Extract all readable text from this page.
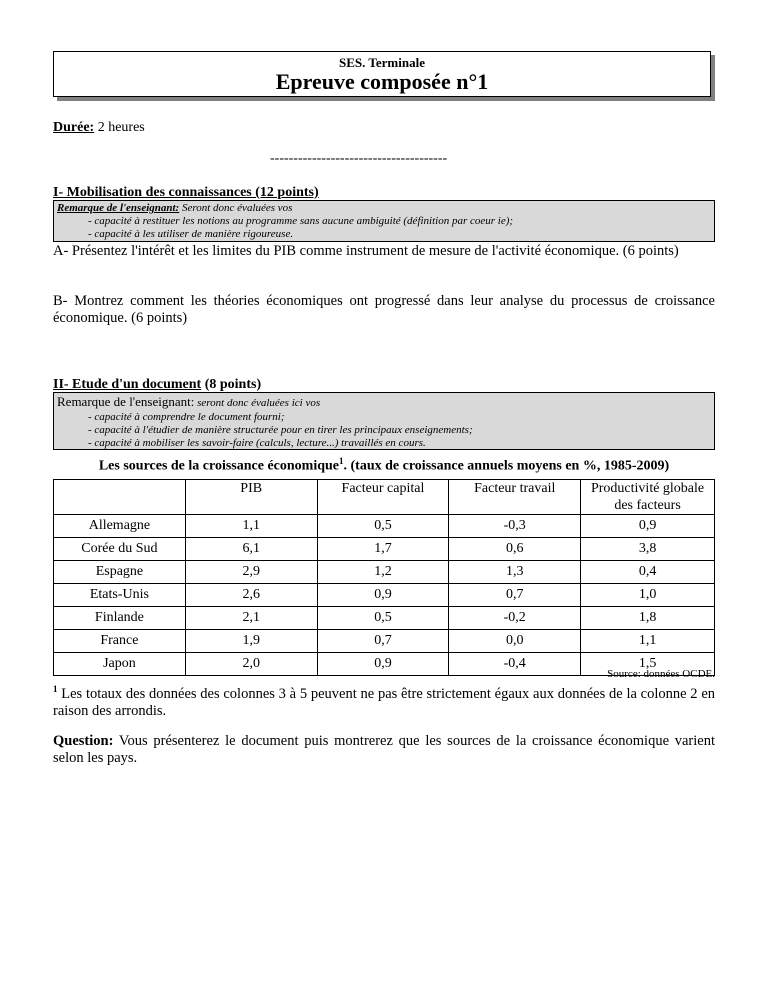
SES. Terminale
Epreuve composée n°1
Durée: 2 heures
--------------------------------------
I- Mobilisation des connaissances (12 points)
Remarque de l'enseignant: Seront donc évaluées vos
- capacité à restituer les notions au programme sans aucune ambiguité (définition par coeur ie);
- capacité à les utiliser de manière rigoureuse.
A- Présentez l'intérêt et les limites du PIB comme instrument de mesure de l'activité économique. (6 points)
B- Montrez comment les théories économiques ont progressé dans leur analyse du processus de croissance économique. (6 points)
II- Etude d'un document (8 points)
Remarque de l'enseignant: seront donc évaluées ici vos
- capacité à comprendre le document fourni;
- capacité à l'étudier de manière structurée pour en tirer les principaux enseignements;
- capacité à mobiliser les savoir-faire (calculs, lecture...) travaillés en cours.
Les sources de la croissance économique$^1$. (taux de croissance annuels moyens en %, 1985-2009)
	PIB	Facteur capital	Facteur travail	Productivité globale des facteurs
Allemagne	1,1	0,5	-0,3	0,9
Corée du Sud	6,1	1,7	0,6	3,8
Espagne	2,9	1,2	1,3	0,4
Etats-Unis	2,6	0,9	0,7	1,0
Finlande	2,1	0,5	-0,2	1,8
France	1,9	0,7	0,0	1,1
Japon	2,0	0,9	-0,4	1,5
Source: données OCDE.
$^1$ Les totaux des données des colonnes 3 à 5 peuvent ne pas être strictement égaux aux données de la colonne 2 en raison des arrondis.
Question: Vous présenterez le document puis montrerez que les sources de la croissance économique varient selon les pays.
